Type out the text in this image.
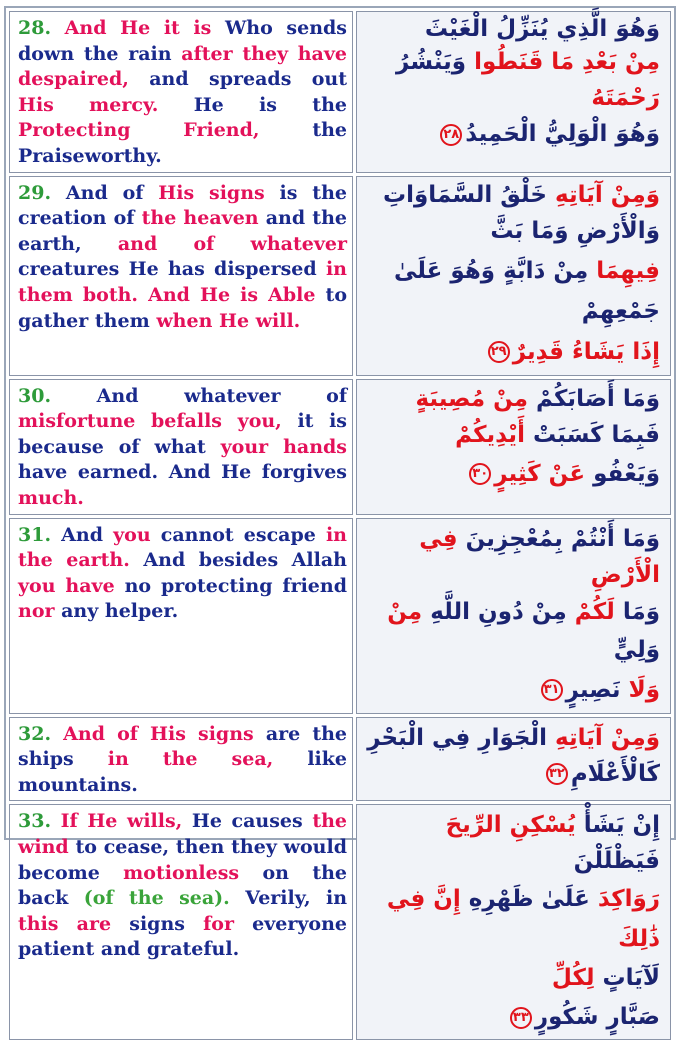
28. And He it is Who sends down the rain after they have despaired, and spreads out His mercy. He is the Protecting Friend, the Praiseworthy.	وَهُوَ الَّذِي يُنَزِّلُ الْغَيْثَ
مِنْ بَعْدِ مَا قَنَطُوا وَيَنْشُرُ رَحْمَتَهُ
وَهُوَ الْوَلِيُّ الْحَمِيدُ٢٨

29. And of His signs is the creation of the heaven and the earth, and of whatever creatures He has dispersed in them both. And He is Able to gather them when He will.	وَمِنْ آيَاتِهِ خَلْقُ السَّمَاوَاتِ
وَالْأَرْضِ وَمَا بَثَّ
فِيهِمَا مِنْ دَابَّةٍ وَهُوَ عَلَىٰ جَمْعِهِمْ
إِذَا يَشَاءُ قَدِيرٌ٢٩

30. And whatever of misfortune befalls you, it is because of what your hands have earned. And He forgives much.	وَمَا أَصَابَكُمْ مِنْ مُصِيبَةٍ
فَبِمَا كَسَبَتْ أَيْدِيكُمْ
وَيَعْفُو عَنْ كَثِيرٍ٣٠

31. And you cannot escape in the earth. And besides Allah you have no protecting friend nor any helper.	وَمَا أَنْتُمْ بِمُعْجِزِينَ فِي الْأَرْضِ
وَمَا لَكُمْ مِنْ دُونِ اللَّهِ مِنْ وَلِيٍّ
وَلَا نَصِيرٍ٣١

32. And of His signs are the ships in the sea, like mountains.	وَمِنْ آيَاتِهِ الْجَوَارِ فِي الْبَحْرِ كَالْأَعْلَامِ٣٢

33. If He wills, He causes the wind to cease, then they would become motionless on the back (of the sea). Verily, in this are signs for everyone patient and grateful.	إِنْ يَشَأْ يُسْكِنِ الرِّيحَ فَيَظْلَلْنَ
رَوَاكِدَ عَلَىٰ ظَهْرِهِ إِنَّ فِي ذَٰلِكَ
لَآيَاتٍ لِكُلِّ
صَبَّارٍ شَكُورٍ٣٣
